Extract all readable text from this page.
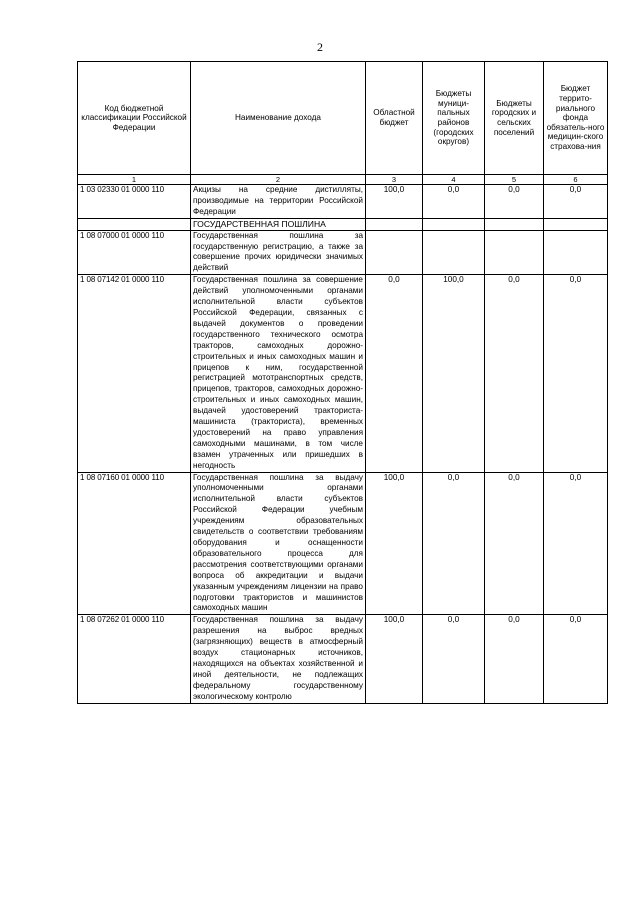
2
Код бюджетной классификации Российской Федерации	Наименование дохода	Областной бюджет	Бюджеты муници-пальных районов (городских округов)	Бюджеты городских и сельских поселений	Бюджет террито-риального фонда обязатель-ного медицин-ского страхова-ния
1	2	3	4	5	6
1 03 02330 01 0000 110	Акцизы на средние дистилляты, производимые на территории Российской Федерации	100,0	0,0	0,0	0,0
	ГОСУДАРСТВЕННАЯ ПОШЛИНА				
1 08 07000 01 0000 110	Государственная пошлина за государственную регистрацию, а также за совершение прочих юридически значимых действий				
1 08 07142 01 0000 110	Государственная пошлина за совершение действий уполномоченными органами исполнительной власти субъектов Российской Федерации, связанных с выдачей документов о проведении государственного технического осмотра тракторов, самоходных дорожно-строительных и иных самоходных машин и прицепов к ним, государственной регистрацией мототранспортных средств, прицепов, тракторов, самоходных дорожно-строительных и иных самоходных машин, выдачей удостоверений тракториста-машиниста (тракториста), временных удостоверений на право управления самоходными машинами, в том числе взамен утраченных или пришедших в негодность	0,0	100,0	0,0	0,0
1 08 07160 01 0000 110	Государственная пошлина за выдачу уполномоченными органами исполнительной власти субъектов Российской Федерации учебным учреждениям образовательных свидетельств о соответствии требованиям оборудования и оснащенности образовательного процесса для рассмотрения соответствующими органами вопроса об аккредитации и выдачи указанным учреждениям лицензии на право подготовки трактористов и машинистов самоходных машин	100,0	0,0	0,0	0,0
1 08 07262 01 0000 110	Государственная пошлина за выдачу разрешения на выброс вредных (загрязняющих) веществ в атмосферный воздух стационарных источников, находящихся на объектах хозяйственной и иной деятельности, не подлежащих федеральному государственному экологическому контролю	100,0	0,0	0,0	0,0
